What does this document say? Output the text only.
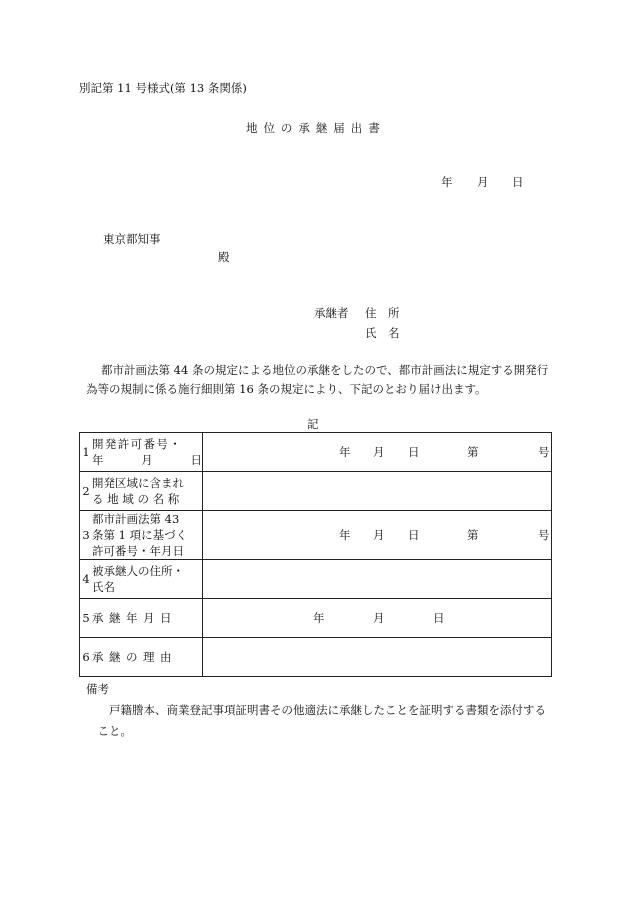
別記第 11 号様式(第 13 条関係)
地 位 の 承 継 届 出 書
年 月 日
東京都知事
殿
承継者 住　所
氏　名
都市計画法第 44 条の規定による地位の承継をしたので、都市計画法に規定する開発行
為等の規制に係る施行細則第 16 条の規定により、下記のとおり届け出ます。
記
1	開発許可番号・
年 月 日	年 月 日 第 号

2	開発区域に含まれ
る 地 域 の 名 称	

3	都市計画法第 43
条第 1 項に基づく
許可番号・年月日	年 月 日 第 号

4	被承継人の住所・
氏名	

5	承 継 年 月 日	年 月 日

6	承 継 の 理 由	
備考
戸籍謄本、商業登記事項証明書その他適法に承継したことを証明する書類を添付すること。
